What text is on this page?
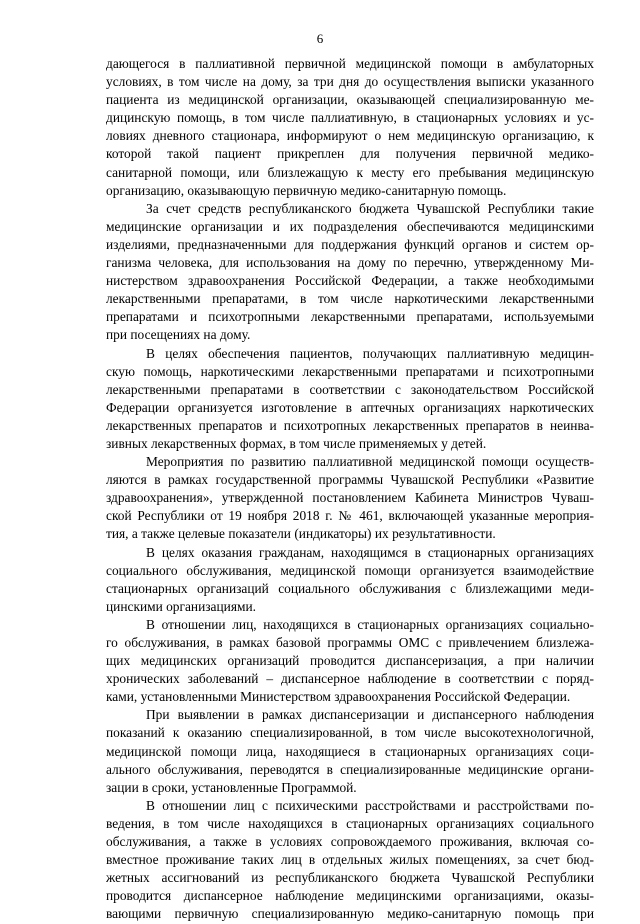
6
дающегося в паллиативной первичной медицинской помощи в амбулаторных
условиях, в том числе на дому, за три дня до осуществления выписки указанного
пациента из медицинской организации, оказывающей специализированную ме-
дицинскую помощь, в том числе паллиативную, в стационарных условиях и ус-
ловиях дневного стационара, информируют о нем медицинскую организацию, к
которой такой пациент прикреплен для получения первичной медико-
санитарной помощи, или близлежащую к месту его пребывания медицинскую
организацию, оказывающую первичную медико-санитарную помощь.
За счет средств республиканского бюджета Чувашской Республики такие
медицинские организации и их подразделения обеспечиваются медицинскими
изделиями, предназначенными для поддержания функций органов и систем ор-
ганизма человека, для использования на дому по перечню, утвержденному Ми-
нистерством здравоохранения Российской Федерации, а также необходимыми
лекарственными препаратами, в том числе наркотическими лекарственными
препаратами и психотропными лекарственными препаратами, используемыми
при посещениях на дому.
В целях обеспечения пациентов, получающих паллиативную медицин-
скую помощь, наркотическими лекарственными препаратами и психотропными
лекарственными препаратами в соответствии с законодательством Российской
Федерации организуется изготовление в аптечных организациях наркотических
лекарственных препаратов и психотропных лекарственных препаратов в неинва-
зивных лекарственных формах, в том числе применяемых у детей.
Мероприятия по развитию паллиативной медицинской помощи осуществ-
ляются в рамках государственной программы Чувашской Республики «Развитие
здравоохранения», утвержденной постановлением Кабинета Министров Чуваш-
ской Республики от 19 ноября 2018 г. № 461, включающей указанные мероприя-
тия, а также целевые показатели (индикаторы) их результативности.
В целях оказания гражданам, находящимся в стационарных организациях
социального обслуживания, медицинской помощи организуется взаимодействие
стационарных организаций социального обслуживания с близлежащими меди-
цинскими организациями.
В отношении лиц, находящихся в стационарных организациях социально-
го обслуживания, в рамках базовой программы ОМС с привлечением близлежа-
щих медицинских организаций проводится диспансеризация, а при наличии
хронических заболеваний – диспансерное наблюдение в соответствии с поряд-
ками, установленными Министерством здравоохранения Российской Федерации.
При выявлении в рамках диспансеризации и диспансерного наблюдения
показаний к оказанию специализированной, в том числе высокотехнологичной,
медицинской помощи лица, находящиеся в стационарных организациях соци-
ального обслуживания, переводятся в специализированные медицинские органи-
зации в сроки, установленные Программой.
В отношении лиц с психическими расстройствами и расстройствами по-
ведения, в том числе находящихся в стационарных организациях социального
обслуживания, а также в условиях сопровождаемого проживания, включая со-
вместное проживание таких лиц в отдельных жилых помещениях, за счет бюд-
жетных ассигнований из республиканского бюджета Чувашской Республики
проводится диспансерное наблюдение медицинскими организациями, оказы-
вающими первичную специализированную медико-санитарную помощь при
